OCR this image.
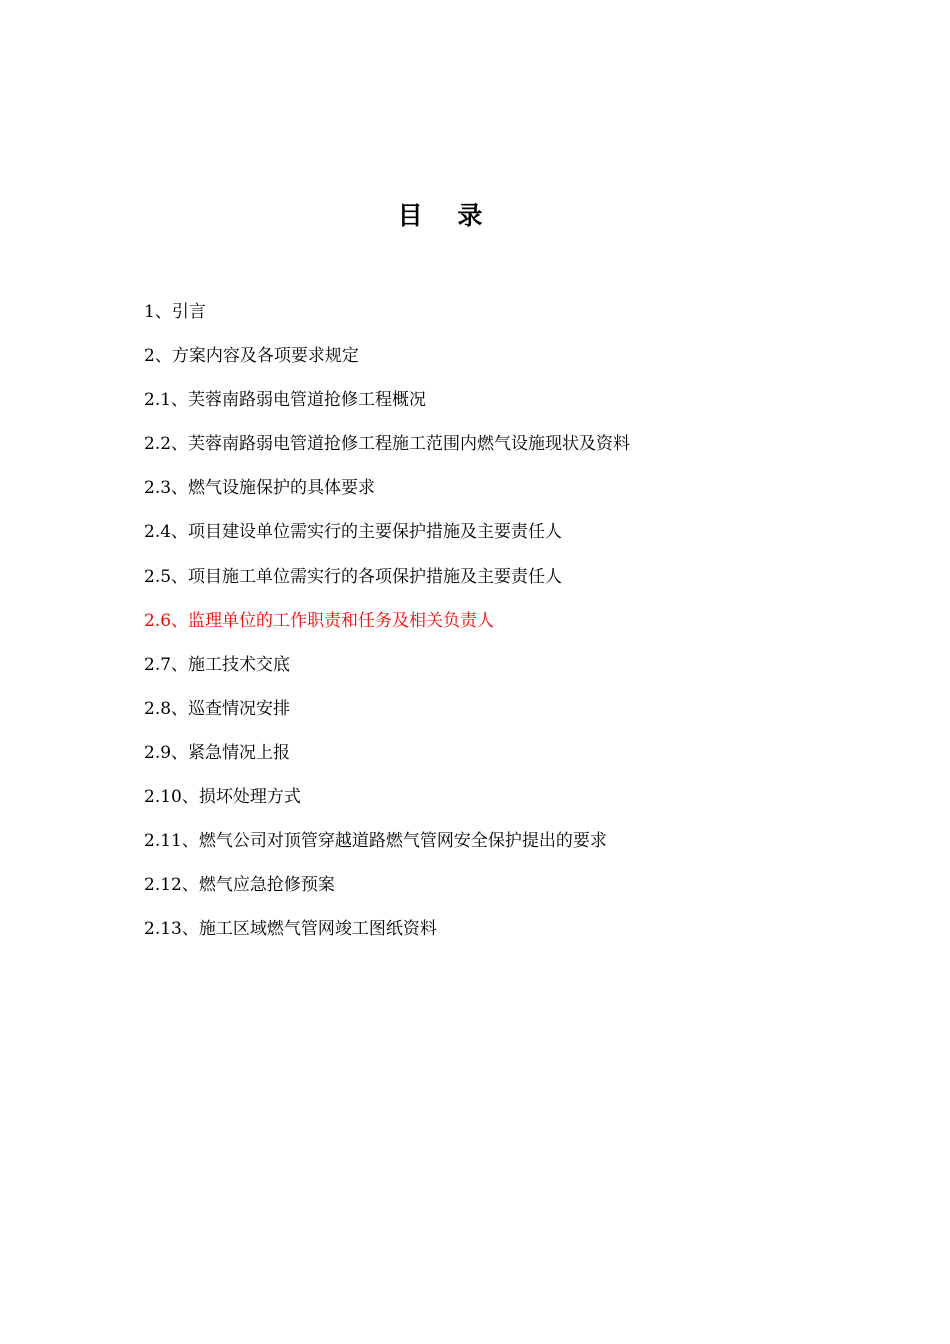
目    录
1、引言
2、方案内容及各项要求规定
2.1、芙蓉南路弱电管道抢修工程概况
2.2、芙蓉南路弱电管道抢修工程施工范围内燃气设施现状及资料
2.3、燃气设施保护的具体要求
2.4、项目建设单位需实行的主要保护措施及主要责任人
2.5、项目施工单位需实行的各项保护措施及主要责任人
2.6、监理单位的工作职责和任务及相关负责人
2.7、施工技术交底
2.8、巡查情况安排
2.9、紧急情况上报
2.10、损坏处理方式
2.11、燃气公司对顶管穿越道路燃气管网安全保护提出的要求
2.12、燃气应急抢修预案
2.13、施工区域燃气管网竣工图纸资料
